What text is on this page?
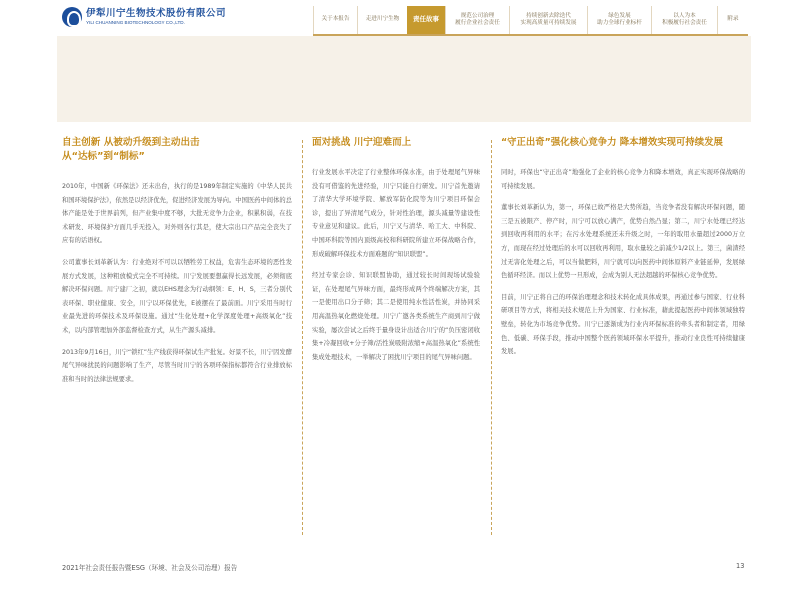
伊犁川宁生物技术股份有限公司
YILI CHUANNING BIOTECHNOLOGY CO.,LTD.
关于本报告	走进川宁生物 责任故事	规范公司治理
履行企业社会责任
持续创新去除迭代
实现高质量可持续发展
绿色发展
助力全球行业标杆
以人为本
积极履行社会责任
附录
自主创新 从被动升级到主动出击
从“达标”到“制标”

2010年，中国新《环保法》还未出台，执行的是1989年制定实施的《中华人民共和国环境保护法》，依然是以经济优先，促进经济发展为导向。中国医药中间体的总体产能是处于世界前列，但产业集中度不够，大批无竞争力企业，积累积弱，在技术研发、环境保护方面几乎无投入，对外则各行其是，使大宗出口产品完全丧失了应有的话语权。

公司董事长刘革新认为：行业绝对不可以以牺牲劳工权益，危害生态环境的恶性发展方式发展，这种粗放模式完全不可持续。川宁发展要想赢得长远发展，必须彻底解决环保问题。川宁建厂之初，就以EHS理念为行动纲领：E、H、S，三者分别代表环保、职业健康、安全，川宁以环保优先，E被摆在了最前面。川宁采用当时行业最先进的环保技术及环保设施。通过“生化处理+化学深度处理+高级氧化”技术，以内部管理加外部监督检查方式，从生产源头减排。

2013年9月16日，川宁“锁红”生产线获得环保试生产批复。好景不长，川宁因发酵尾气异味扰民的问题影响了生产，尽管当时川宁的各项环保指标都符合行业排放标准和当时的法律法规要求。

面对挑战 川宁迎难而上

行业发展水平决定了行业整体环保水准，由于处理尾气异味没有可借鉴的先进经验，川宁只能自行研发。川宁首先邀请了清华大学环境学院、解放军防化院等为川宁项目环保会诊，提出了异清尾气成分，针对性治理，源头减量等建设性专业意见和建议。此后，川宁又与清华、哈工大、中科院、中国环科院等国内顶级高校和科研院所建立环保战略合作，形成破解环保技术方面难题的“知识联盟”。

经过专家会诊、知识联盟协助，通过较长时间现场试验验证，在处理尾气异味方面，最终形成两个终端解决方案，其一是使用出口分子筛；其二是使用纯水性活性炭，并协同采用高温热氧化燃烧处理。川宁广邀各类系统生产商到川宁做实验，屡次尝试之后终于量身设计出适合川宁的“负压密闭收集+冷凝回收+分子筛/活性炭吸附浓缩+高温热氧化”系统性集成处理技术，一举解决了困扰川宁项目的尾气异味问题。

“守正出奇”强化核心竞争力 降本增效实现可持续发展

同时，环保也“守正出奇”地强化了企业的核心竞争力和降本增效，真正实现环保战略的可持续发展。

董事长刘革新认为，第一，环保已故严格是大势所趋，当竞争者没有解决环保问题，随三是五被限产、停产时，川宁可以放心满产，优势自然凸显；第二，川宁水处理已经达到回收再利用的水平；在污水处理系统还未升级之时，一年的取用水量超过2000万立方，而现在经过处理后的水可以回收再利用，取水量较之前减少1/2以上。第三，菌渣经过无害化处理之后，可以当做肥料，川宁就可以向医药中间体原料产业链延伸，发展绿色循环经济。而以上优势一旦形成，会成为别人无法超越的环保核心竞争优势。

目前，川宁正将自己的环保治理理念和技术转化成具体成果，再通过参与国家、行业科研项目等方式，将相关技术规范上升为国家、行业标准，藉此提起医药中间体领域独特壁垒，转化为市场竞争优势。川宁已逐渐成为行业内环保标准的牵头者和制定者，用绿色、低碳、环保手段，推动中国整个医药领域环保水平提升，推动行业良性可持续健康发展。

2021年社会责任报告暨ESG（环境、社会及公司治理）报告	13
